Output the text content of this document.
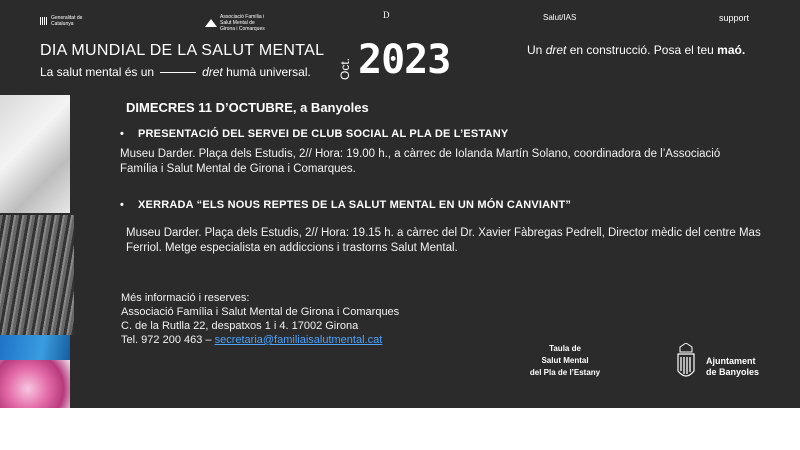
Generalitat de Catalunya
Associació Família i Salut Mental de Girona i Comarques
D	Salut/IAS	support
DIA MUNDIAL DE LA SALUT MENTAL
La salut mental és un	dret humà universal. Oct. 2023	Un dret en construcció. Posa el teu maó.
DIMECRES 11 D’OCTUBRE, a Banyoles
• PRESENTACIÓ DEL SERVEI DE CLUB SOCIAL AL PLA DE L’ESTANY
Museu Darder. Plaça dels Estudis, 2// Hora: 19.00 h., a càrrec de Iolanda Martín Solano, coordinadora de l’Associació Família i Salut Mental de Girona i Comarques.
• XERRADA “ELS NOUS REPTES DE LA SALUT MENTAL EN UN MÓN CANVIANT”
Museu Darder. Plaça dels Estudis, 2// Hora: 19.15 h. a càrrec del Dr. Xavier Fàbregas Pedrell, Director mèdic del centre Mas Ferriol. Metge especialista en addiccions i trastorns Salut Mental.
Més informació i reserves:
Associació Família i Salut Mental de Girona i Comarques
C. de la Rutlla 22, despatxos 1 i 4. 17002 Girona
Tel. 972 200 463 – secretaria@familiaisalutmental.cat
Taula de
Salut Mental
del Pla de l’Estany
Ajuntament
de Banyoles
